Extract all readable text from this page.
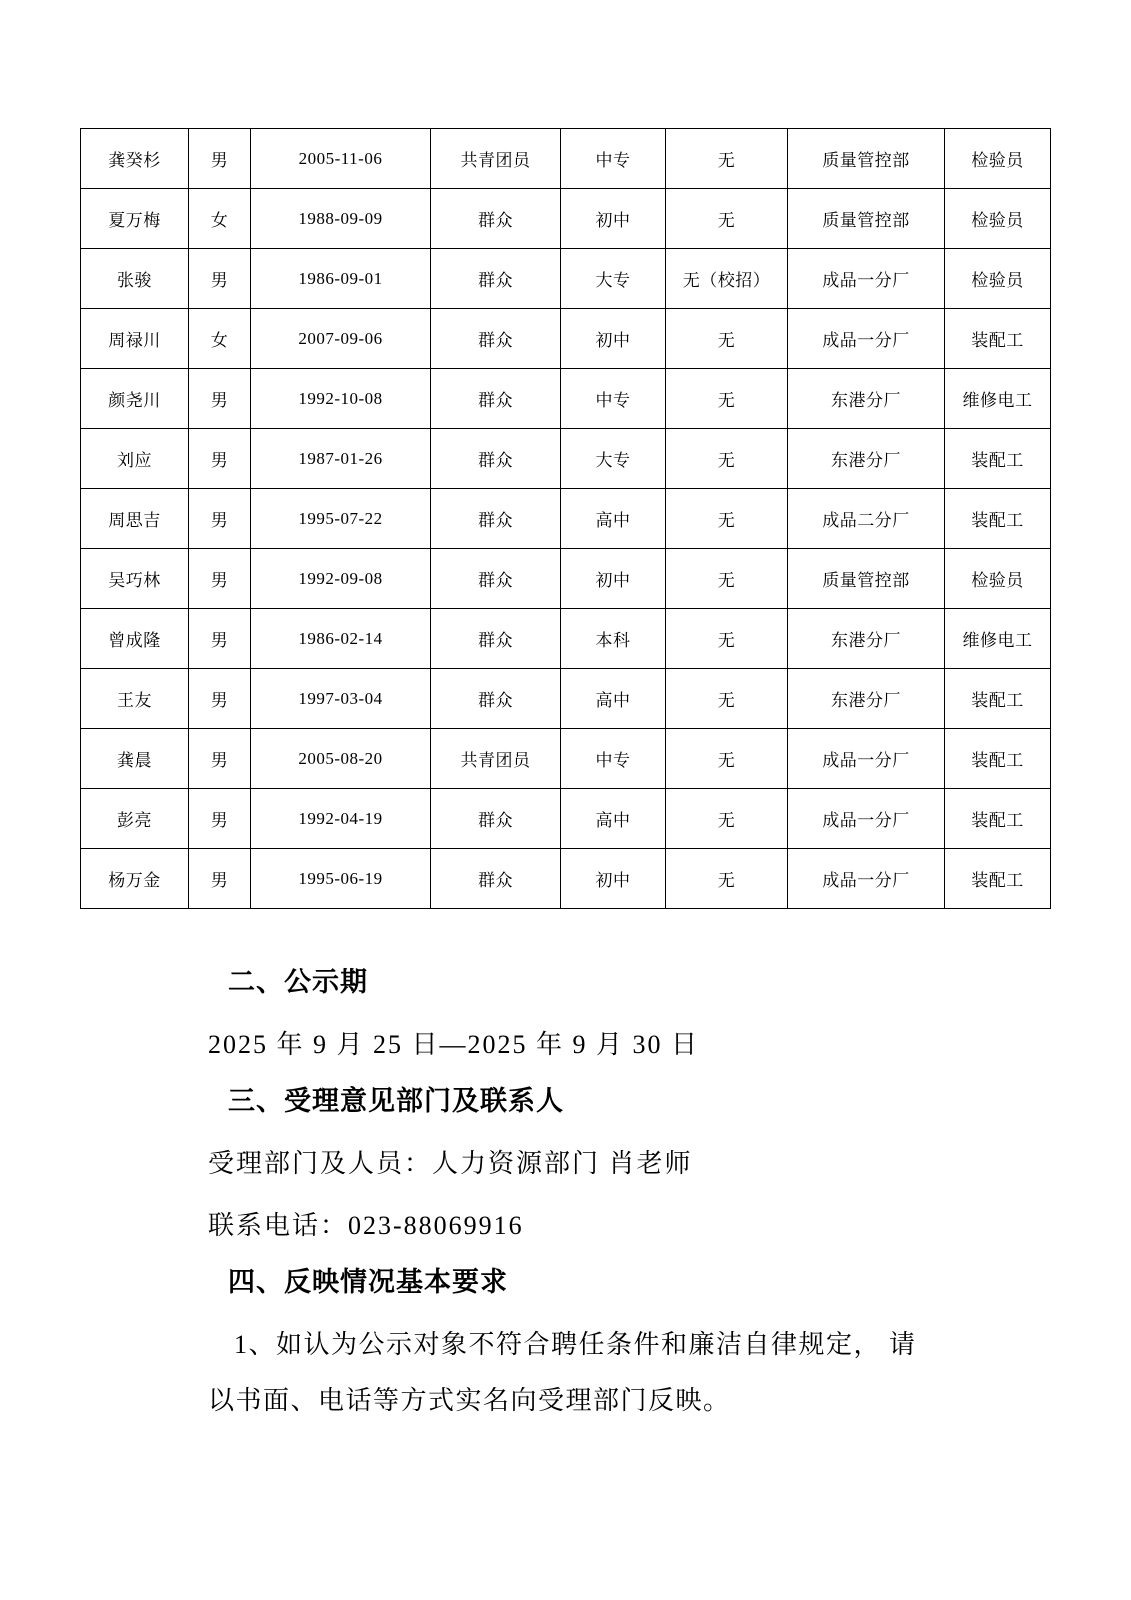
龚癸杉	男	2005-11-06	共青团员	中专	无	质量管控部	检验员
夏万梅	女	1988-09-09	群众	初中	无	质量管控部	检验员
张骏	男	1986-09-01	群众	大专	无（校招）	成品一分厂	检验员
周禄川	女	2007-09-06	群众	初中	无	成品一分厂	装配工
颜尧川	男	1992-10-08	群众	中专	无	东港分厂	维修电工
刘应	男	1987-01-26	群众	大专	无	东港分厂	装配工
周思吉	男	1995-07-22	群众	高中	无	成品二分厂	装配工
吴巧林	男	1992-09-08	群众	初中	无	质量管控部	检验员
曾成隆	男	1986-02-14	群众	本科	无	东港分厂	维修电工
王友	男	1997-03-04	群众	高中	无	东港分厂	装配工
龚晨	男	2005-08-20	共青团员	中专	无	成品一分厂	装配工
彭亮	男	1992-04-19	群众	高中	无	成品一分厂	装配工
杨万金	男	1995-06-19	群众	初中	无	成品一分厂	装配工
二、公示期
2025 年 9 月 25 日—2025 年 9 月 30 日
三、受理意见部门及联系人
受理部门及人员：人力资源部门 肖老师
联系电话：023-88069916
四、反映情况基本要求
1、如认为公示对象不符合聘任条件和廉洁自律规定， 请
以书面、电话等方式实名向受理部门反映。
